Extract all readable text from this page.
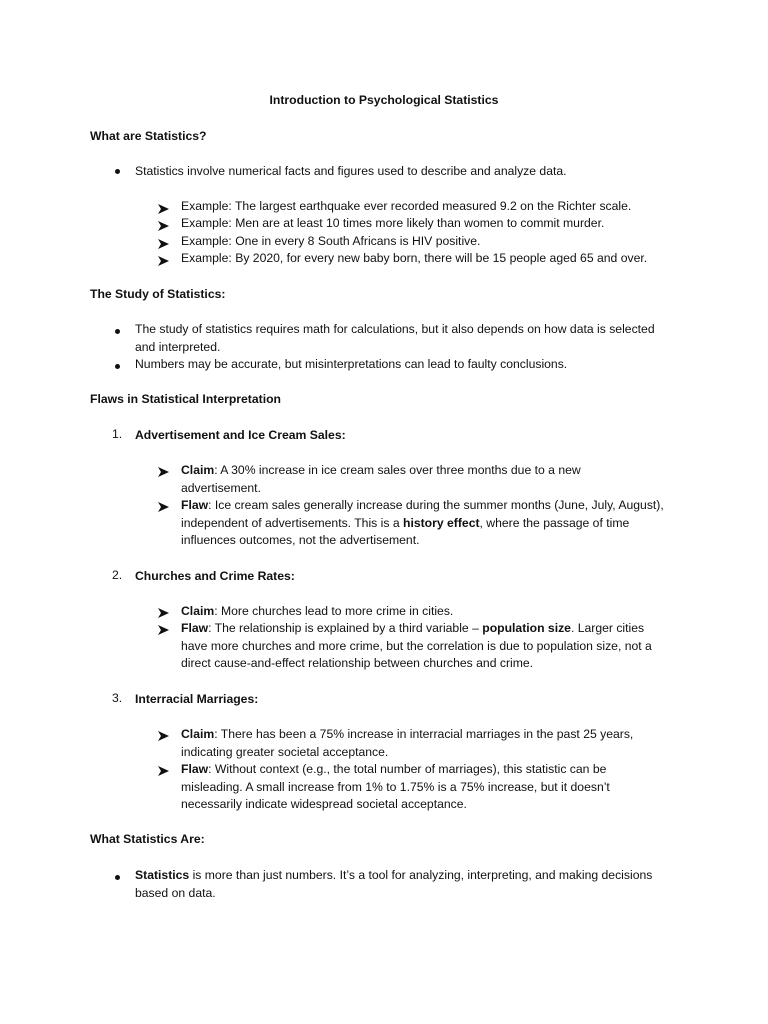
Introduction to Psychological Statistics
What are Statistics?
Statistics involve numerical facts and figures used to describe and analyze data.
Example: The largest earthquake ever recorded measured 9.2 on the Richter scale.
Example: Men are at least 10 times more likely than women to commit murder.
Example: One in every 8 South Africans is HIV positive.
Example: By 2020, for every new baby born, there will be 15 people aged 65 and over.
The Study of Statistics:
The study of statistics requires math for calculations, but it also depends on how data is selected
and interpreted.
Numbers may be accurate, but misinterpretations can lead to faulty conclusions.
Flaws in Statistical Interpretation
1.	Advertisement and Ice Cream Sales:
Claim: A 30% increase in ice cream sales over three months due to a new
advertisement.
Flaw: Ice cream sales generally increase during the summer months (June, July, August),
independent of advertisements. This is a history effect, where the passage of time
influences outcomes, not the advertisement.
2.	Churches and Crime Rates:
Claim: More churches lead to more crime in cities.
Flaw: The relationship is explained by a third variable – population size. Larger cities
have more churches and more crime, but the correlation is due to population size, not a
direct cause-and-effect relationship between churches and crime.
3.	Interracial Marriages:
Claim: There has been a 75% increase in interracial marriages in the past 25 years,
indicating greater societal acceptance.
Flaw: Without context (e.g., the total number of marriages), this statistic can be
misleading. A small increase from 1% to 1.75% is a 75% increase, but it doesn’t
necessarily indicate widespread societal acceptance.
What Statistics Are:
Statistics is more than just numbers. It’s a tool for analyzing, interpreting, and making decisions
based on data.
